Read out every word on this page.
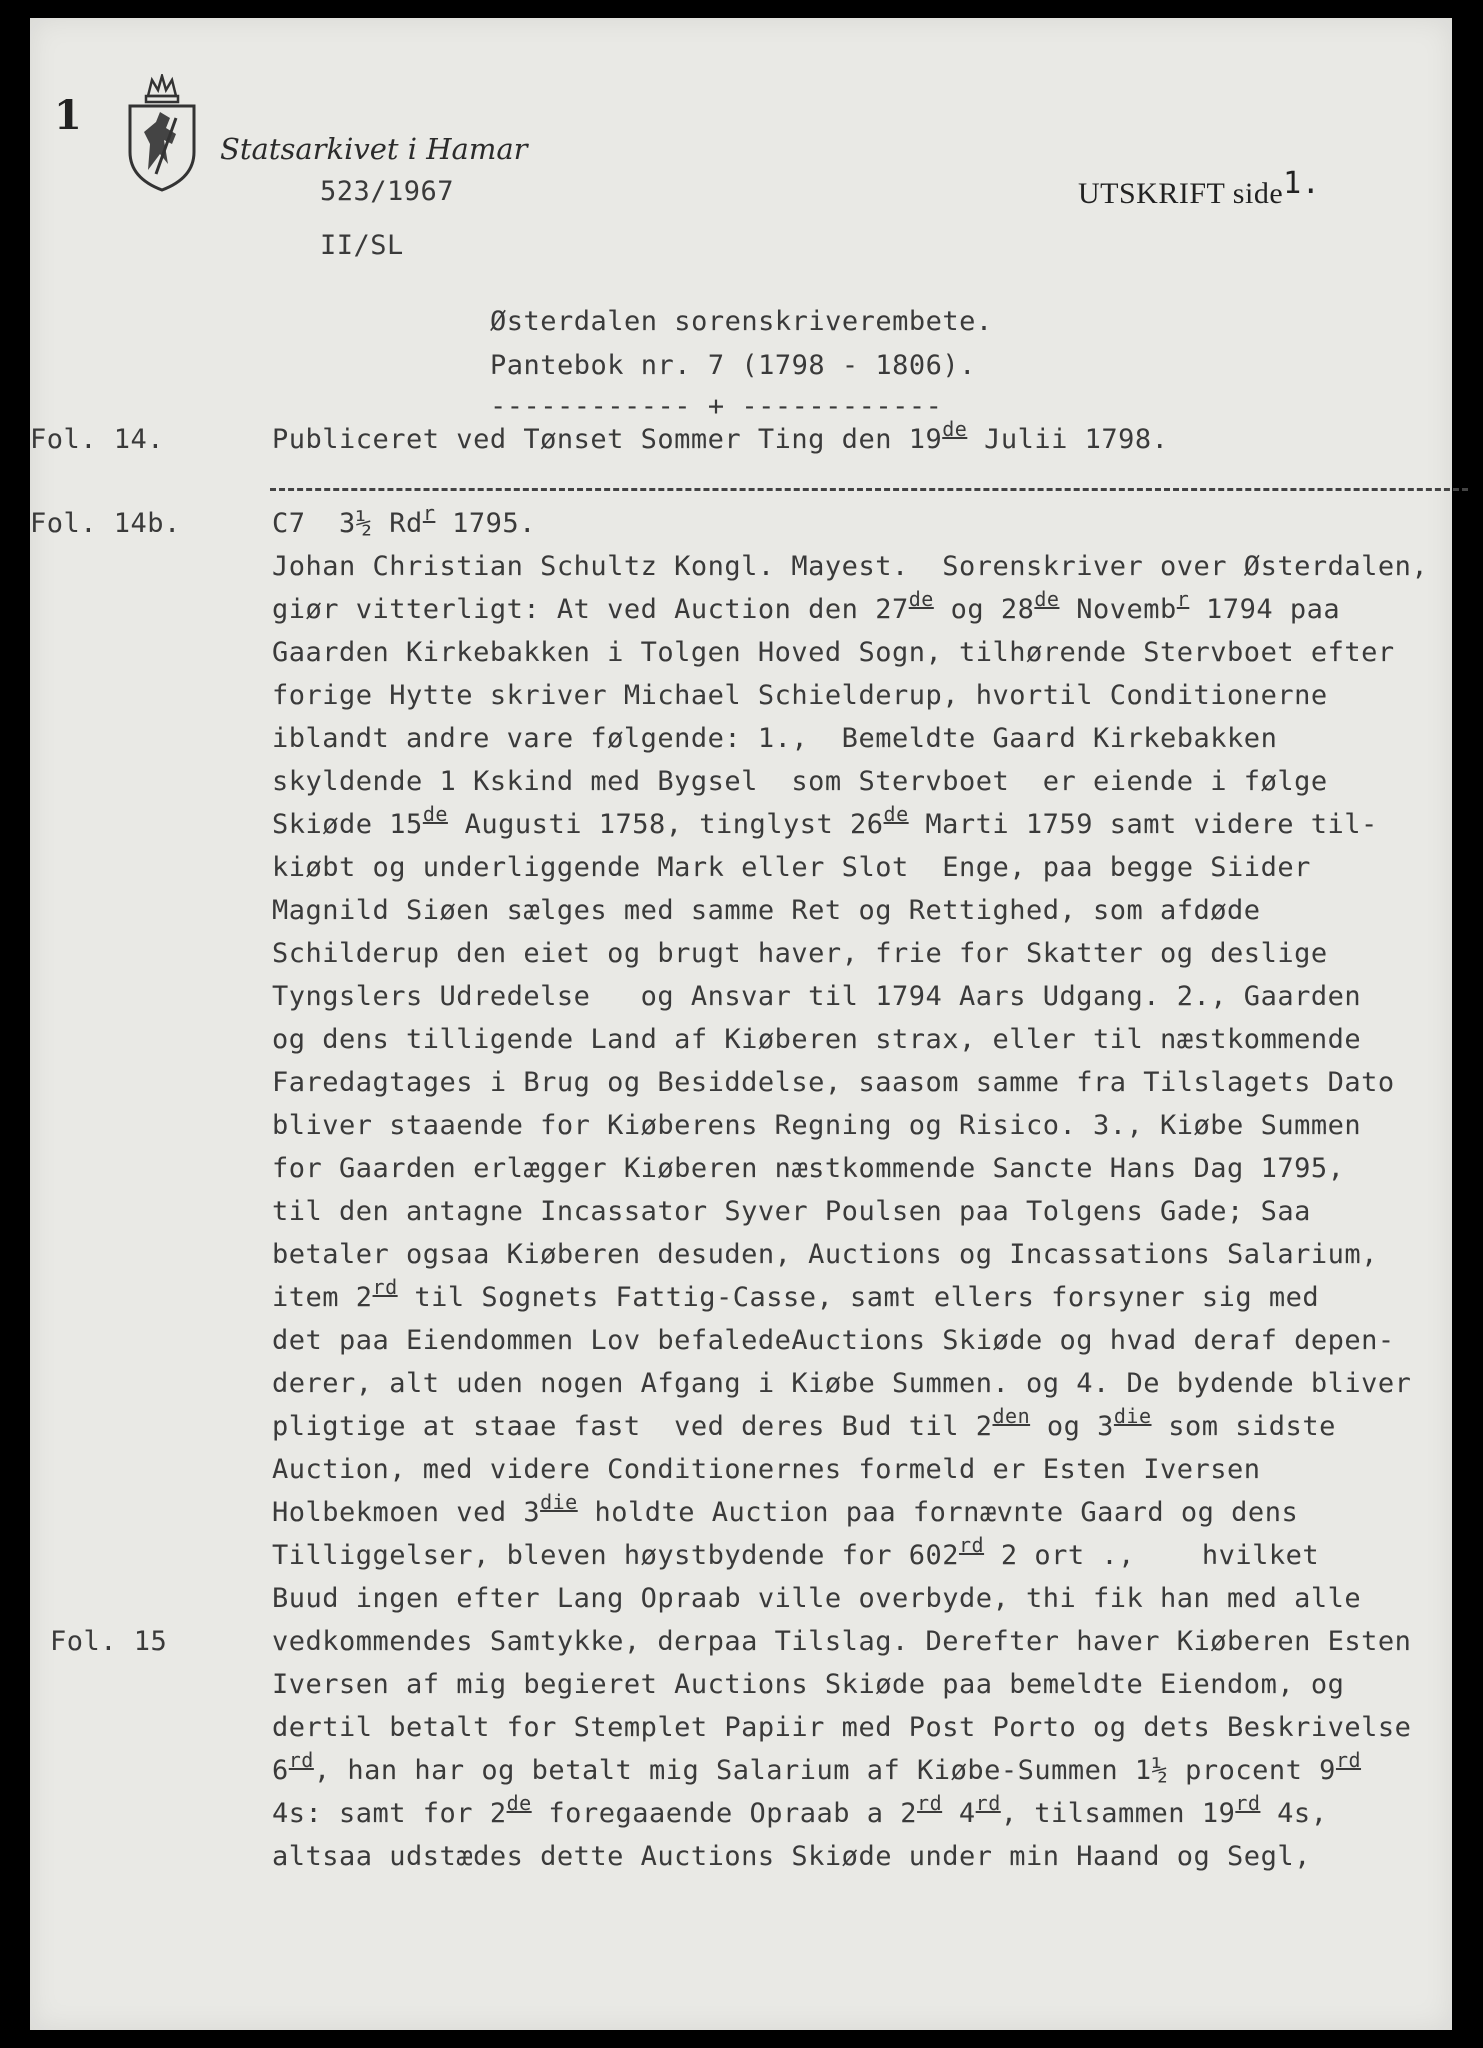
1
Statsarkivet i Hamar
UTSKRIFT side1.
523/1967
II/SL
Østerdalen sorenskriverembete.
Pantebok nr. 7 (1798 - 1806).
------------ + ------------
Fol. 14.	Publiceret ved Tønset Sommer Ting den 19de Julii 1798.
Fol. 14b.	C7  3½ Rd$^r$ 1795.
Johan Christian Schultz Kongl. Mayest.  Sorenskriver over Østerdalen,
giør vitterligt: At ved Auction den 27de og 28de Novemb$^r$ 1794 paa
Gaarden Kirkebakken i Tolgen Hoved Sogn, tilhørende Stervboet efter
forige Hytte skriver Michael Schielderup, hvortil Conditionerne
iblandt andre vare følgende: 1.,  Bemeldte Gaard Kirkebakken
skyldende 1 Kskind med Bygsel  som Stervboet  er eiende i følge
Skiøde 15de Augusti 1758, tinglyst 26de Marti 1759 samt videre til-
kiøbt og underliggende Mark eller Slot  Enge, paa begge Siider
Magnild Siøen sælges med samme Ret og Rettighed, som afdøde
Schilderup den eiet og brugt haver, frie for Skatter og deslige
Tyngslers Udredelse   og Ansvar til 1794 Aars Udgang. 2., Gaarden
og dens tilligende Land af Kiøberen strax, eller til næstkommende
Faredagtages i Brug og Besiddelse, saasom samme fra Tilslagets Dato
bliver staaende for Kiøberens Regning og Risico. 3., Kiøbe Summen
for Gaarden erlægger Kiøberen næstkommende Sancte Hans Dag 1795,
til den antagne Incassator Syver Poulsen paa Tolgens Gade; Saa
betaler ogsaa Kiøberen desuden, Auctions og Incassations Salarium,
item 2rd til Sognets Fattig-Casse, samt ellers forsyner sig med
det paa Eiendommen Lov befaledeAuctions Skiøde og hvad deraf depen-
derer, alt uden nogen Afgang i Kiøbe Summen. og 4. De bydende bliver
pligtige at staae fast  ved deres Bud til $2^{den}$ og $3^{die}$ som sidste
Auction, med videre Conditionernes formeld er Esten Iversen
Holbekmoen ved $3^{die}$ holdte Auction paa fornævnte Gaard og dens
Tilliggelser, bleven høystbydende for 602rd 2 ort .,    hvilket
Buud ingen efter Lang Opraab ville overbyde, thi fik han med alle
Fol. 15	vedkommendes Samtykke, derpaa Tilslag. Derefter haver Kiøberen Esten
Iversen af mig begieret Auctions Skiøde paa bemeldte Eiendom, og
dertil betalt for Stemplet Papiir med Post Porto og dets Beskrivelse
6rd, han har og betalt mig Salarium af Kiøbe-Summen 1½ procent 9rd
4s: samt for 2de foregaaende Opraab a 2rd 4rd, tilsammen 19rd 4s,
altsaa udstædes dette Auctions Skiøde under min Haand og Segl,
